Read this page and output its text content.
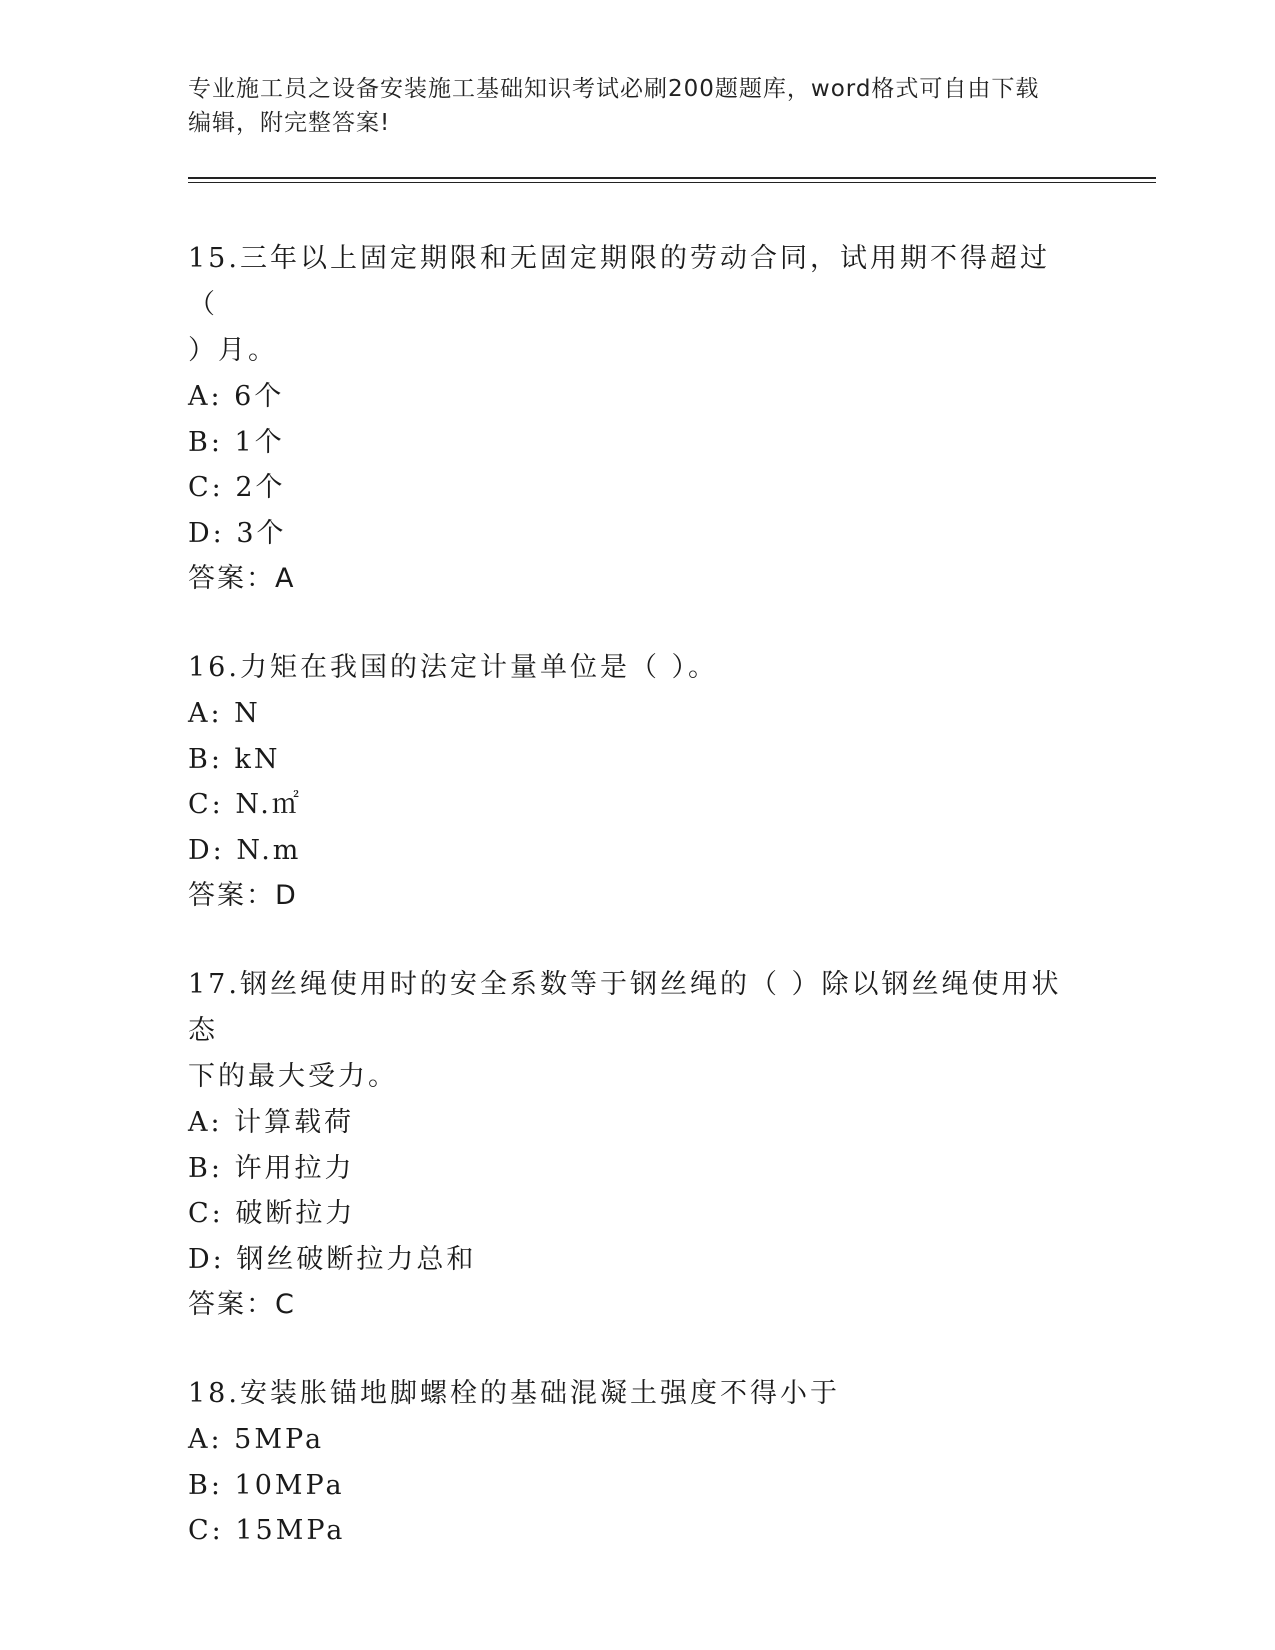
专业施工员之设备安装施工基础知识考试必刷200题题库，word格式可自由下载
编辑，附完整答案!

15.三年以上固定期限和无固定期限的劳动合同，试用期不得超过（

）月。

A: 6个

B: 1个

C: 2个

D: 3个

答案：A

16.力矩在我国的法定计量单位是（ ）。

A: N

B: kN

C: N.㎡

D: N.m

答案：D

17.钢丝绳使用时的安全系数等于钢丝绳的（ ）除以钢丝绳使用状态

下的最大受力。

A: 计算载荷

B: 许用拉力

C: 破断拉力

D: 钢丝破断拉力总和

答案：C

18.安装胀锚地脚螺栓的基础混凝土强度不得小于

A: 5MPa

B: 10MPa

C: 15MPa
